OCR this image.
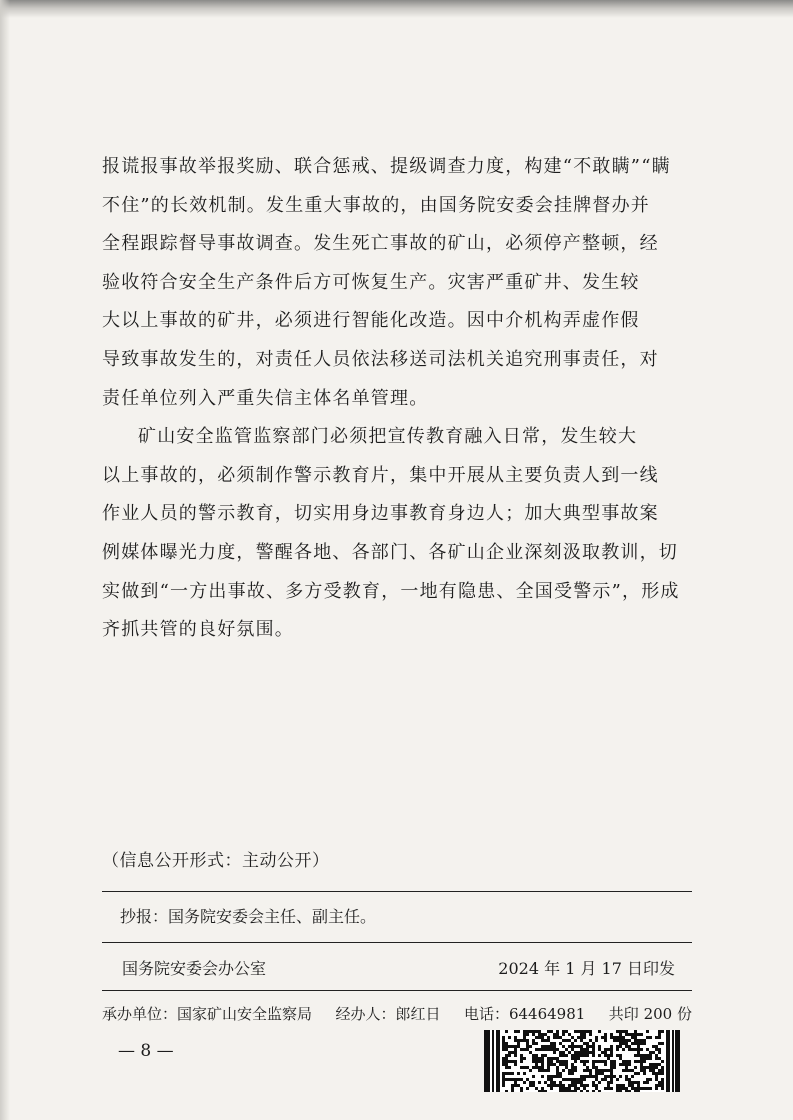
报谎报事故举报奖励、联合惩戒、提级调查力度，构建“不敢瞒”“瞒
不住”的长效机制。发生重大事故的，由国务院安委会挂牌督办并
全程跟踪督导事故调查。发生死亡事故的矿山，必须停产整顿，经
验收符合安全生产条件后方可恢复生产。灾害严重矿井、发生较
大以上事故的矿井，必须进行智能化改造。因中介机构弄虚作假
导致事故发生的，对责任人员依法移送司法机关追究刑事责任，对
责任单位列入严重失信主体名单管理。
矿山安全监管监察部门必须把宣传教育融入日常，发生较大
以上事故的，必须制作警示教育片，集中开展从主要负责人到一线
作业人员的警示教育，切实用身边事教育身边人；加大典型事故案
例媒体曝光力度，警醒各地、各部门、各矿山企业深刻汲取教训，切
实做到“一方出事故、多方受教育，一地有隐患、全国受警示”，形成
齐抓共管的良好氛围。
（信息公开形式：主动公开）
抄报：国务院安委会主任、副主任。
国务院安委会办公室	2024 年 1 月 17 日印发
承办单位：国家矿山安全监察局 经办人：郎红日 电话：64464981 共印 200 份
— 8 —
